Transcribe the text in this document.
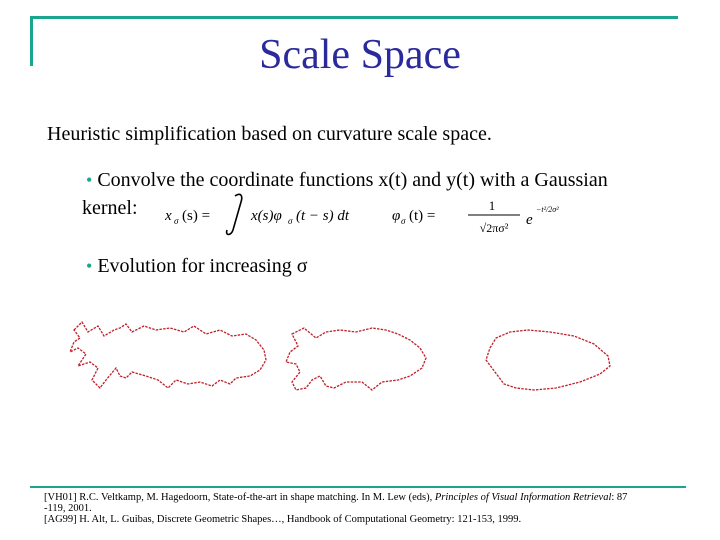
Scale Space
Heuristic simplification based on curvature scale space.
• Convolve the coordinate functions x(t) and y(t) with a Gaussian
kernel: x σ (s) =	x(s)φ σ (t − s) dt	φ σ (t) =
1
√2πσ² e
−t²/2σ²
• Evolution for increasing σ
[VH01] R.C. Veltkamp, M. Hagedoorn, State-of-the-art in shape matching. In M. Lew (eds), Principles of Visual Information Retrieval: 87
-119, 2001.
[AG99] H. Alt, L. Guibas, Discrete Geometric Shapes…, Handbook of Computational Geometry: 121-153, 1999.
